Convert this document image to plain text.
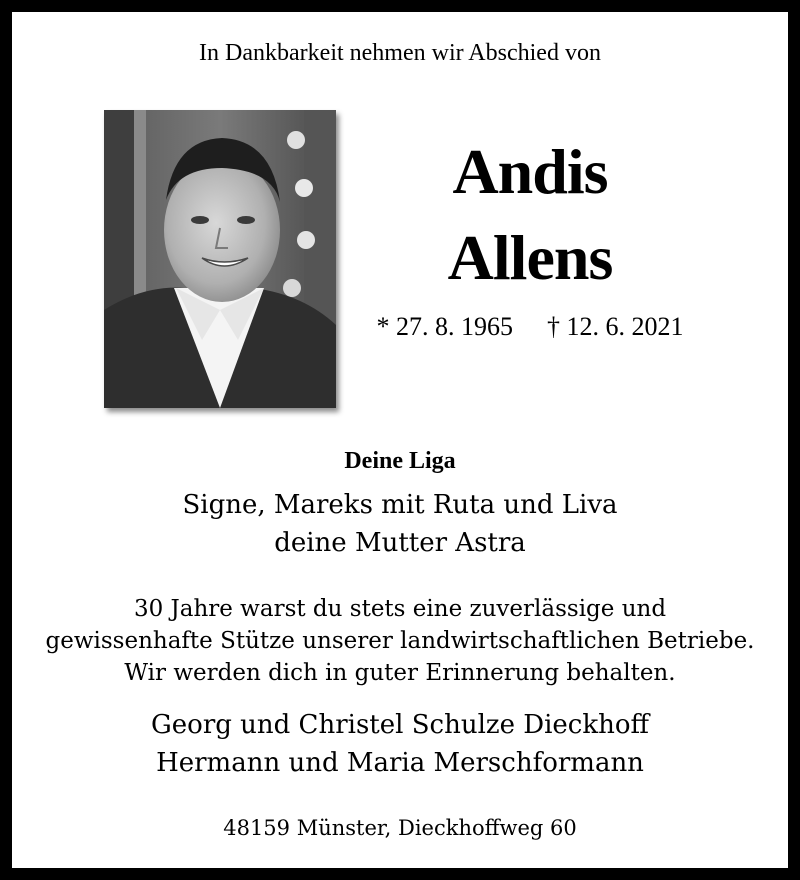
In Dankbarkeit nehmen wir Abschied von
Andis
Allens
* 27. 8. 1965 † 12. 6. 2021
Deine Liga
Signe, Mareks mit Ruta und Liva
deine Mutter Astra
30 Jahre warst du stets eine zuverlässige und
gewissenhafte Stütze unserer landwirtschaftlichen Betriebe.
Wir werden dich in guter Erinnerung behalten.
Georg und Christel Schulze Dieckhoff
Hermann und Maria Merschformann
48159 Münster, Dieckhoffweg 60
